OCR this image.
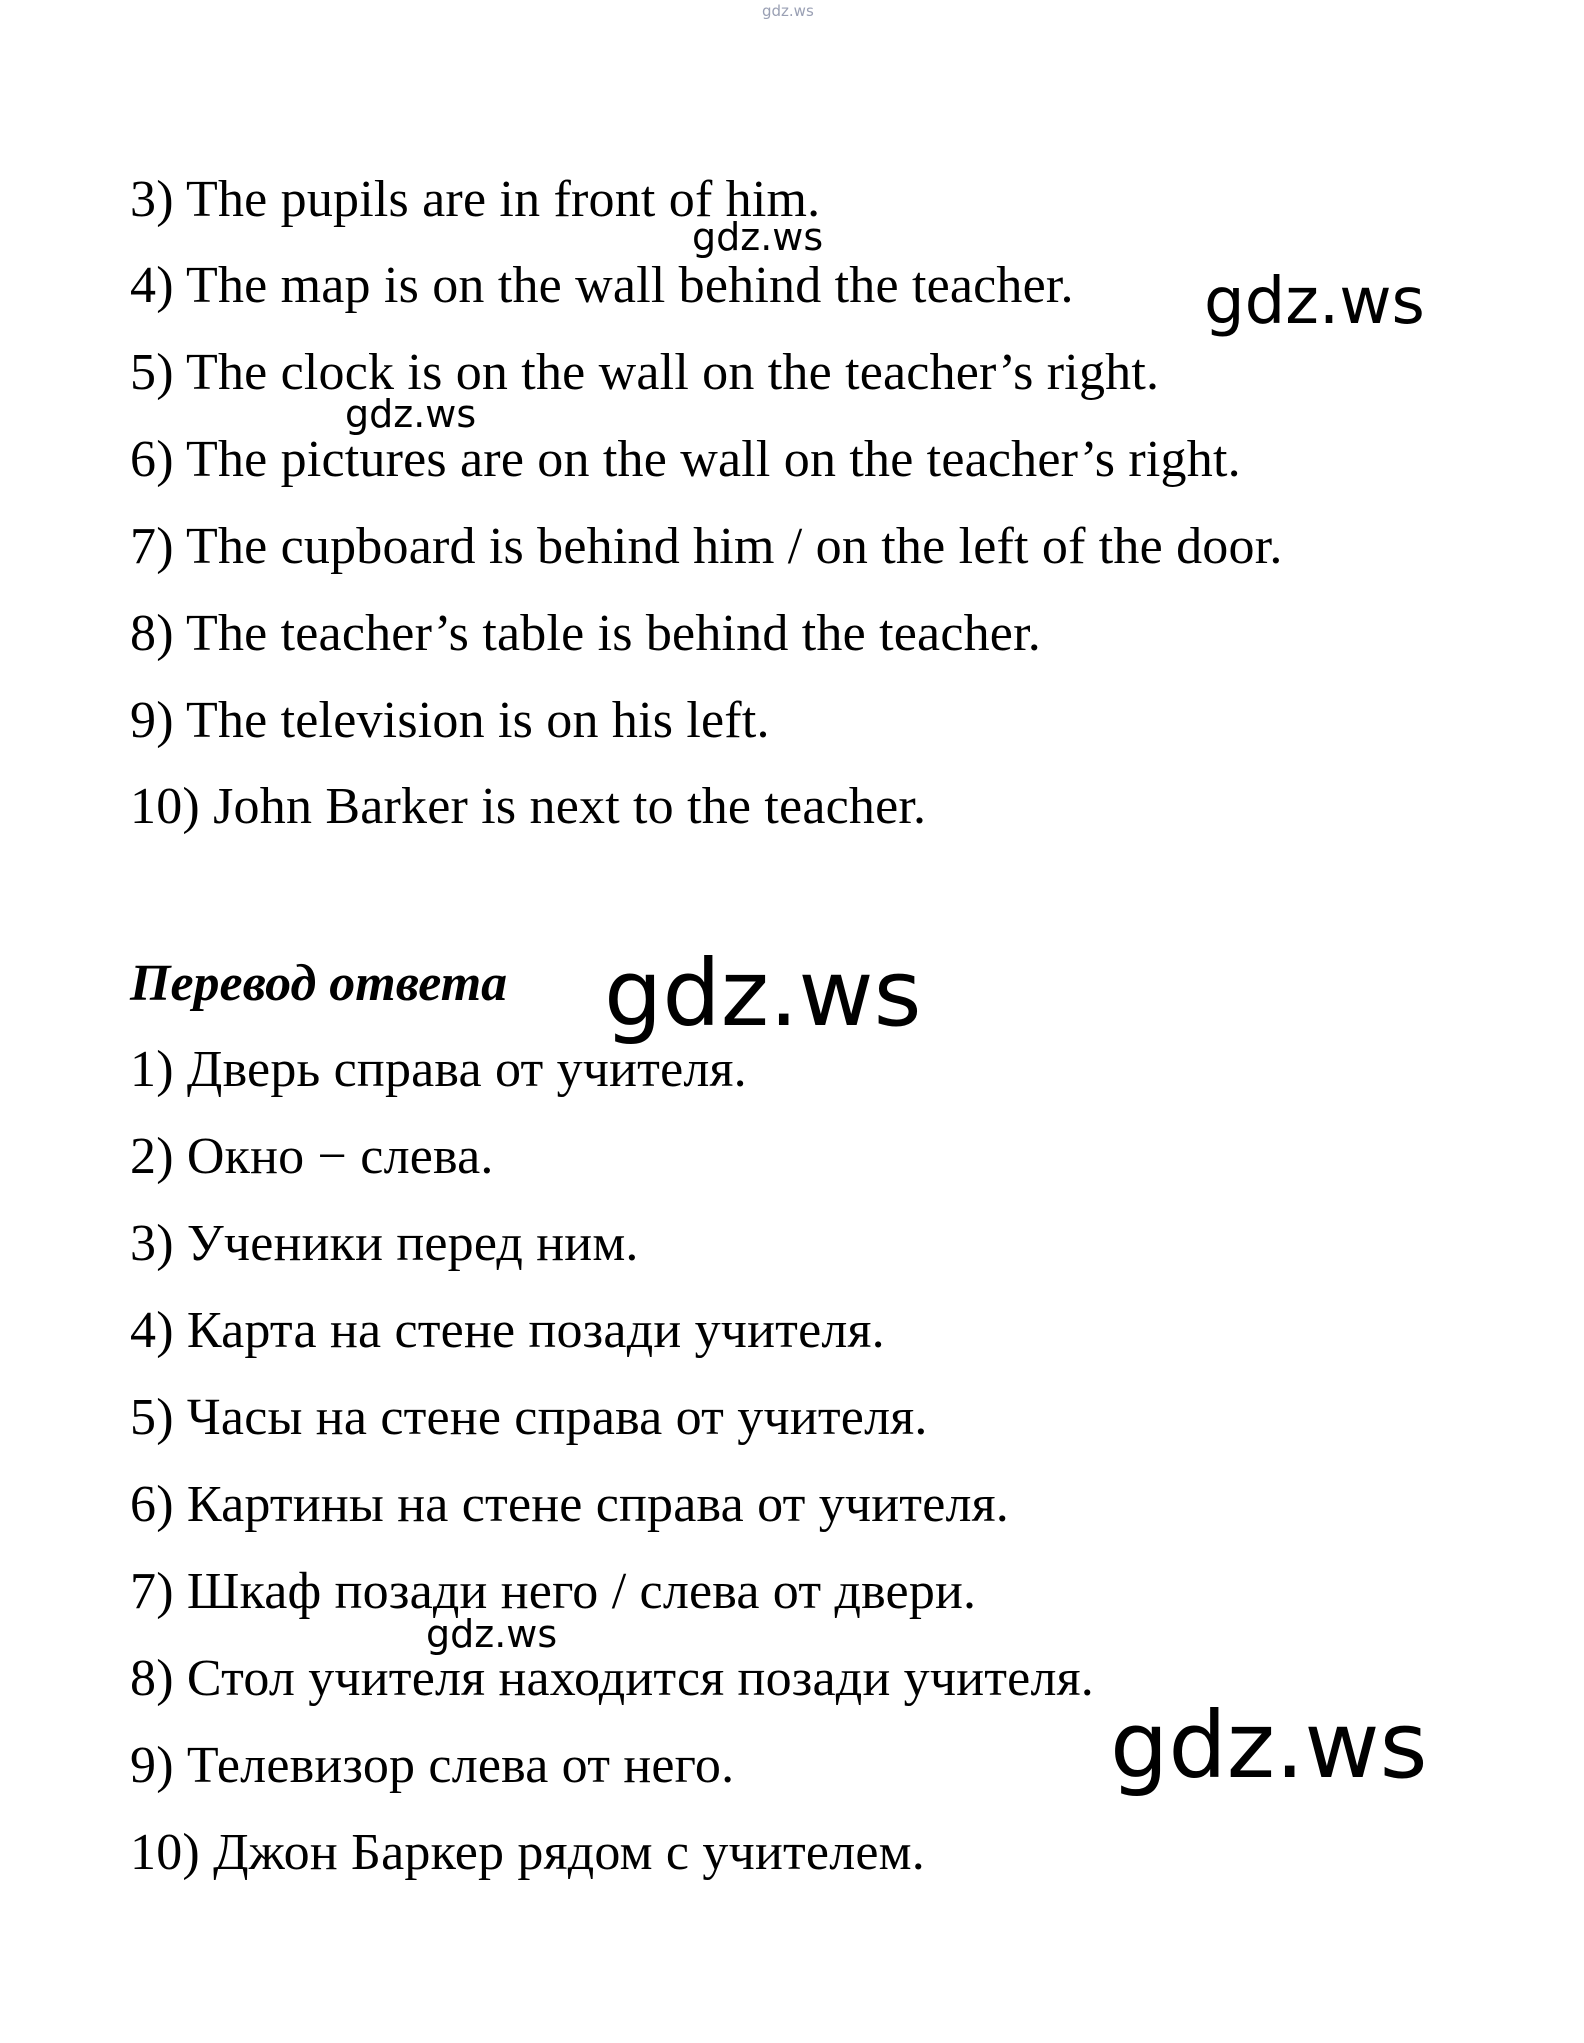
gdz.ws
3) The pupils are in front of him.
4) The map is on the wall behind the teacher.
5) The clock is on the wall on the teacher’s right.
6) The pictures are on the wall on the teacher’s right.
7) The cupboard is behind him / on the left of the door.
8) The teacher’s table is behind the teacher.
9) The television is on his left.
10) John Barker is next to the teacher.
Перевод ответа
1) Дверь справа от учителя.
2) Окно − слева.
3) Ученики перед ним.
4) Карта на стене позади учителя.
5) Часы на стене справа от учителя.
6) Картины на стене справа от учителя.
7) Шкаф позади него / слева от двери.
8) Стол учителя находится позади учителя.
9) Телевизор слева от него.
10) Джон Баркер рядом с учителем.
gdz.ws
gdz.ws
gdz.ws
gdz.ws
gdz.ws
gdz.ws
